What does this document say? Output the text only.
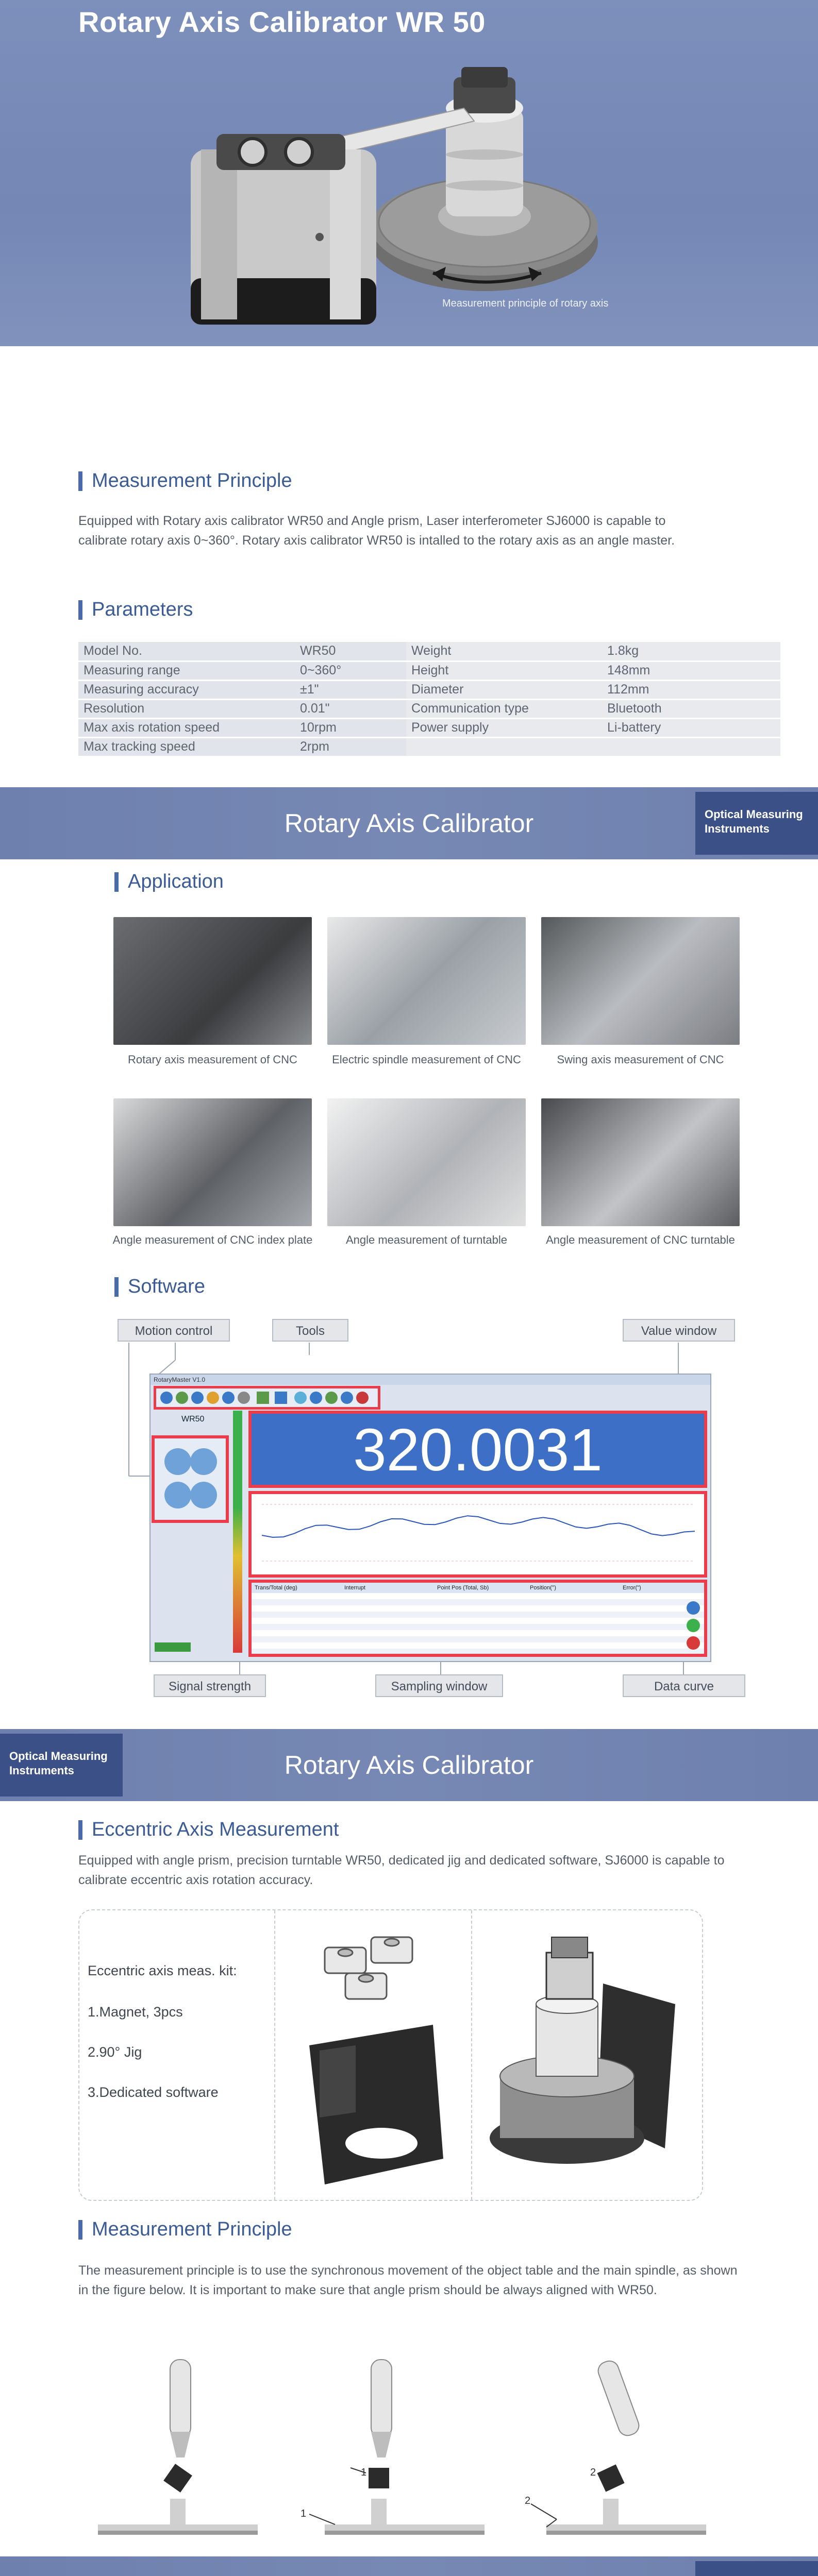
Rotary Axis Calibrator WR 50
Measurement principle of rotary axis
Measurement Principle
Equipped with Rotary axis calibrator WR50 and Angle prism, Laser interferometer SJ6000 is capable to calibrate rotary axis 0~360°. Rotary axis calibrator WR50 is intalled to the rotary axis as an angle master.
Parameters
Model No.	WR50	Weight	1.8kg
Measuring range	0~360°	Height	148mm
Measuring accuracy	±1"	Diameter	112mm
Resolution	0.01"	Communication type	Bluetooth
Max axis rotation speed	10rpm	Power supply	Li-battery
Max tracking speed	2rpm		
Rotary Axis Calibrator	Optical Measuring
Instruments
Application
Rotary axis measurement of CNC	Electric spindle measurement of CNC	Swing axis measurement of CNC
Angle measurement of CNC index plate	Angle measurement of turntable	Angle measurement of CNC turntable
Software
Motion control	Tools	Value window
RotaryMaster V1.0
WR50	320.0031
Trans/Total (deg)	Interrupt	Point Pos (Total, Sb)	Position(°)	Error(")
Signal strength	Sampling window	Data curve
Rotary Axis Calibrator
Optical Measuring
Instruments
Eccentric Axis Measurement
Equipped with angle prism, precision turntable WR50, dedicated jig and dedicated software, SJ6000 is capable to calibrate eccentric axis rotation accuracy.
Eccentric axis meas. kit:
1.Magnet, 3pcs
2.90° Jig
3.Dedicated software
Measurement Principle
The measurement principle is to use the synchronous movement of the object table and the main spindle, as shown in the figure below. It is important to make sure that angle prism should be always aligned with WR50.
1
1
2
2
